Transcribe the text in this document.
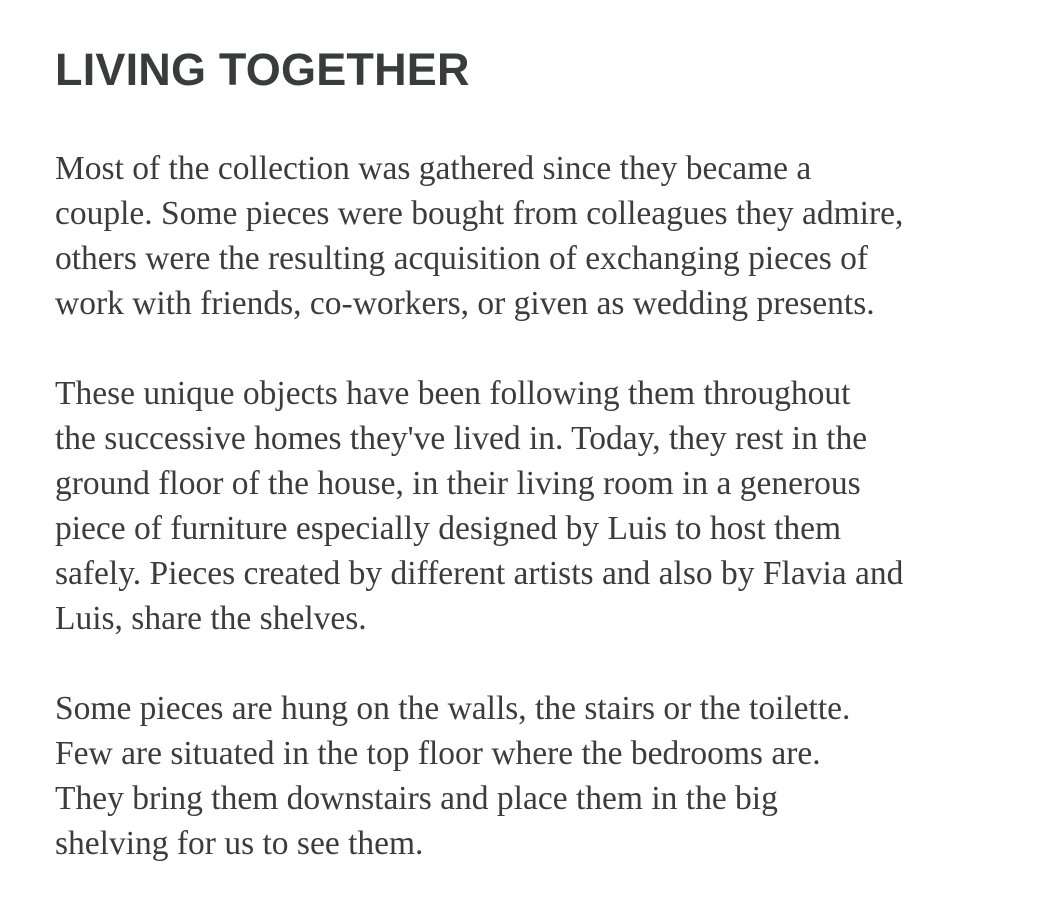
LIVING TOGETHER

Most of the collection was gathered since they became a
couple. Some pieces were bought from colleagues they admire,
others were the resulting acquisition of exchanging pieces of
work with friends, co-workers, or given as wedding presents.

These unique objects have been following them throughout
the successive homes they've lived in. Today, they rest in the
ground floor of the house, in their living room in a generous
piece of furniture especially designed by Luis to host them
safely. Pieces created by different artists and also by Flavia and
Luis, share the shelves.

Some pieces are hung on the walls, the stairs or the toilette.
Few are situated in the top floor where the bedrooms are.
They bring them downstairs and place them in the big
shelving for us to see them.
